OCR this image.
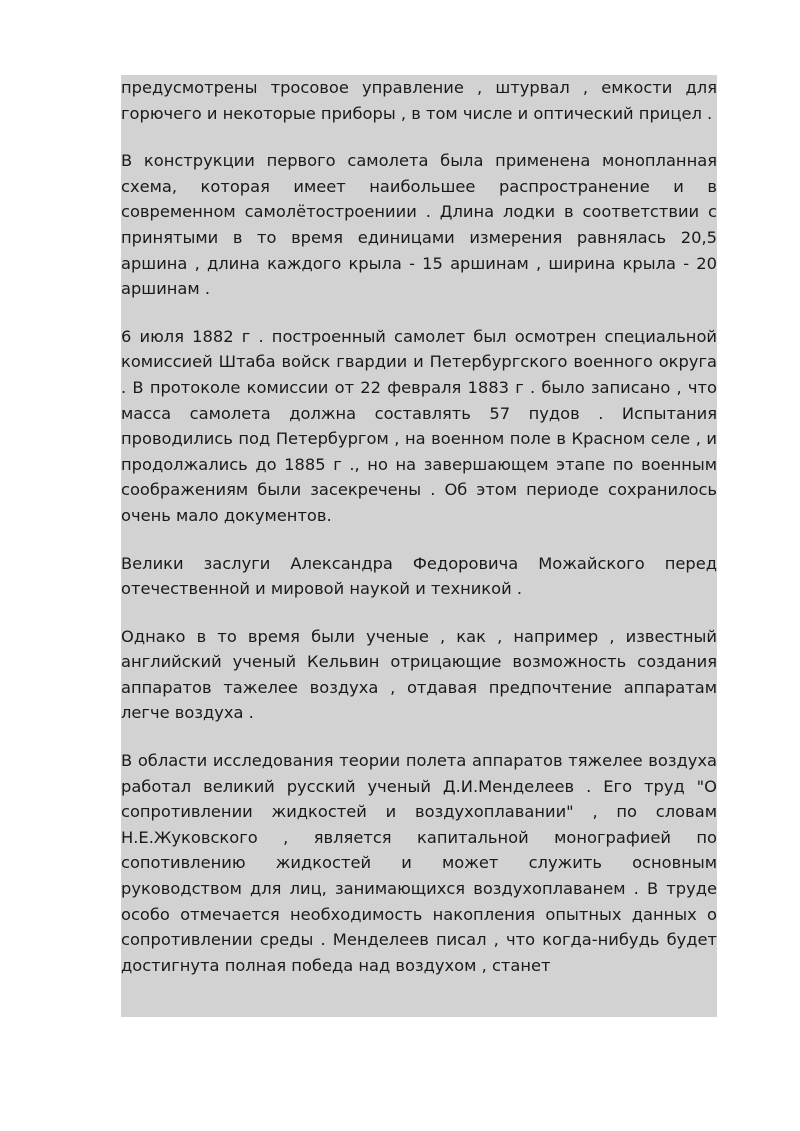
предусмотрены тросовое управление , штурвал , емкости для горючего и некоторые приборы , в том числе и оптический прицел .

В конструкции первого самолета была применена монопланная схема, которая имеет наибольшее распространение и в современном самолётостроениии . Длина лодки в соответствии с принятыми в то время единицами измерения равнялась 20,5 аршина , длина каждого крыла - 15 аршинам , ширина крыла - 20 аршинам .

6 июля 1882 г . построенный самолет был осмотрен специальной комиссией Штаба войск гвардии и Петербургского военного округа . В протоколе комиссии от 22 февраля 1883 г . было записано , что масса самолета должна составлять 57 пудов . Испытания проводились под Петербургом , на военном поле в Красном селе , и продолжались до 1885 г ., но на завершающем этапе по военным соображениям были засекречены . Об этом периоде сохранилось очень мало документов.

Велики заслуги Александра Федоровича Можайского перед отечественной и мировой наукой и техникой .

Однако в то время были ученые , как , например , известный английский ученый Кельвин отрицающие возможность создания аппаратов тажелее воздуха , отдавая предпочтение аппаратам легче воздуха .

В области исследования теории полета аппаратов тяжелее воздуха работал великий русский ученый Д.И.Менделеев . Его труд "О сопротивлении жидкостей и воздухоплавании" , по словам Н.Е.Жуковского , является капитальной монографией по сопотивлению жидкостей и может служить основным руководством для лиц, занимающихся воздухоплаванем . В труде особо отмечается необходимость накопления опытных данных о сопротивлении среды . Менделеев писал , что когда-нибудь будет достигнута полная победа над воздухом , станет
